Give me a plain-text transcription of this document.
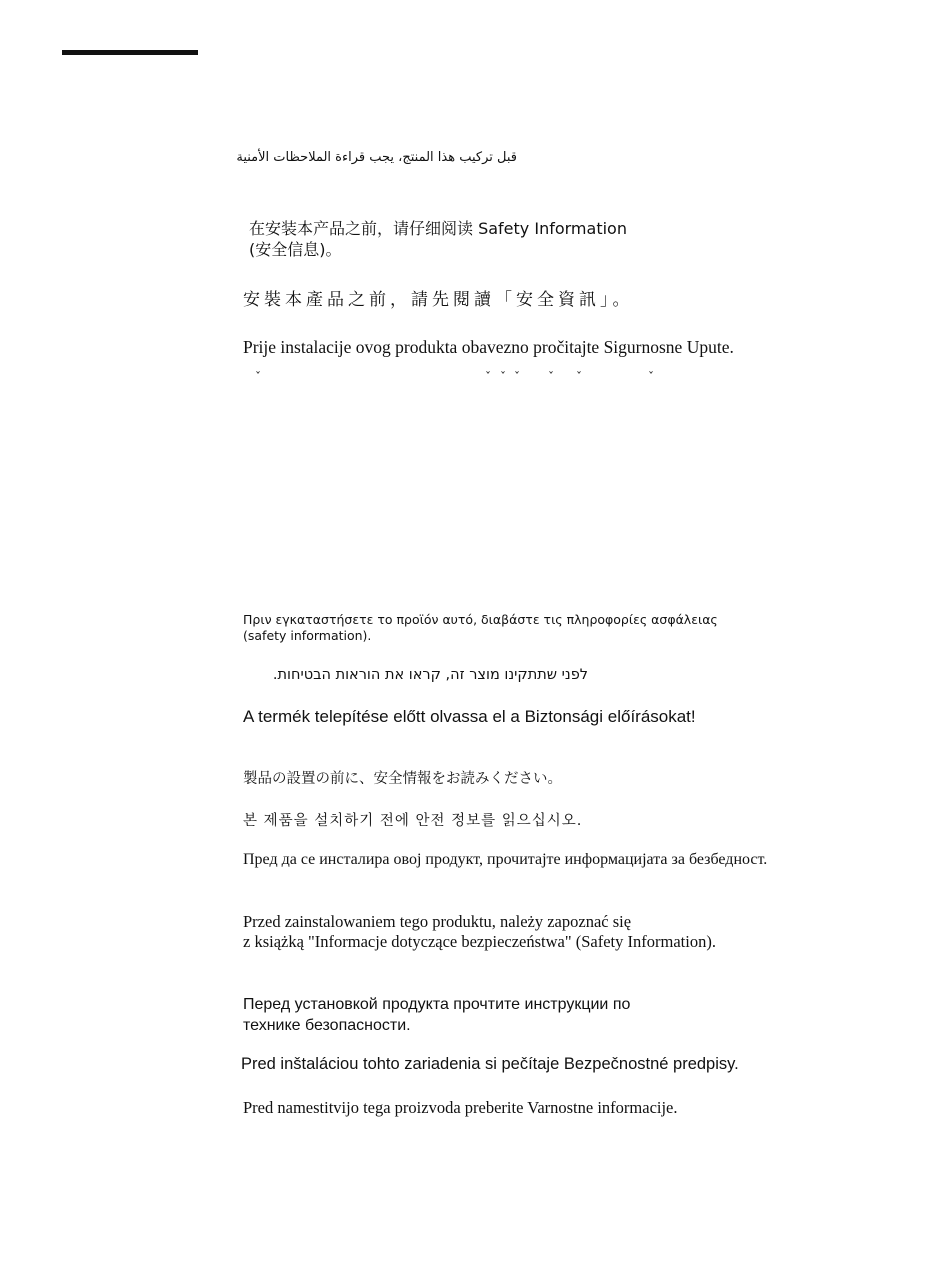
قبل تركيب هذا المنتج، يجب قراءة الملاحظات الأمنية
在安装本产品之前，请仔细阅读 Safety Information
(安全信息)。
安裝本產品之前，請先閱讀「安全資訊」。
Prije instalacije ovog produkta obavezno pročitajte Sigurnosne Upute.
ˇ	ˇ ˇ ˇ ˇ ˇ	ˇ
Πριν εγκαταστήσετε το προϊόν αυτό, διαβάστε τις πληροφορίες ασφάλειας
(safety information).
לפני שתתקינו מוצר זה, קראו את הוראות הבטיחות.
A termék telepítése előtt olvassa el a Biztonsági előírásokat!
製品の設置の前に、安全情報をお読みください。
본 제품을 설치하기 전에 안전 정보를 읽으십시오.
Пред да се инсталира овој продукт, прочитајте информацијата за безбедност.
Przed zainstalowaniem tego produktu, należy zapoznać się
z książką "Informacje dotyczące bezpieczeństwa" (Safety Information).
Перед установкой продукта прочтите инструкции по
технике безопасности.
Pred inštaláciou tohto zariadenia si pečítaje Bezpečnostné predpisy.
Pred namestitvijo tega proizvoda preberite Varnostne informacije.
